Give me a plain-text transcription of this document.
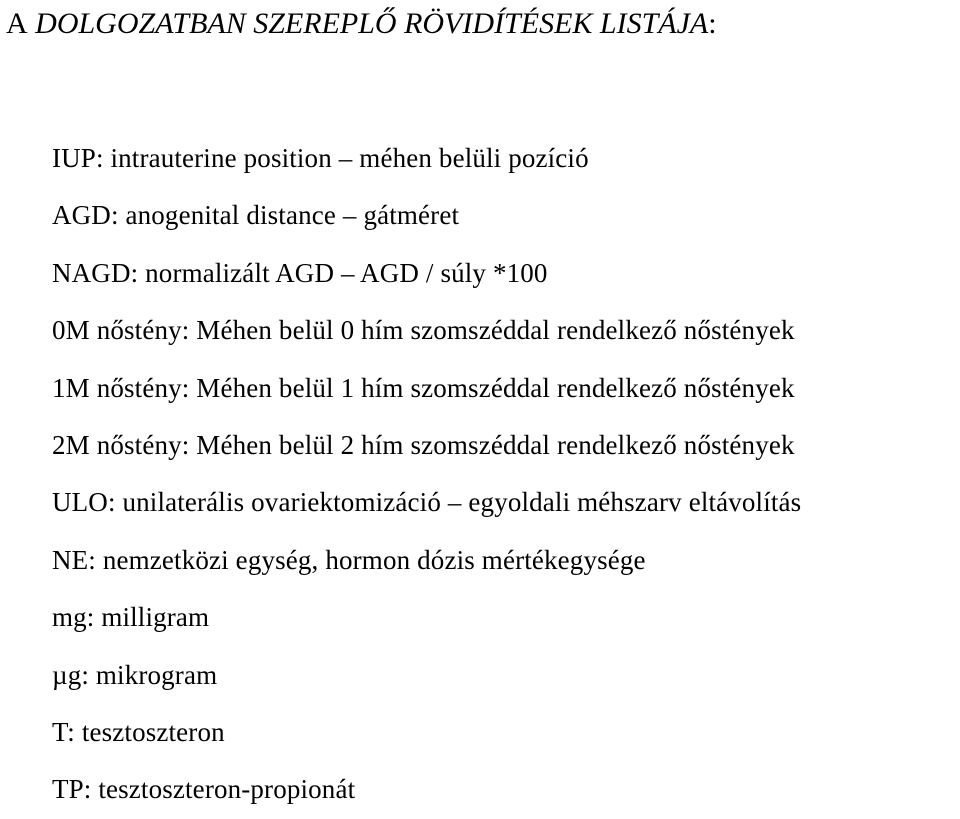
A DOLGOZATBAN SZEREPLŐ RÖVIDÍTÉSEK LISTÁJA:
IUP: intrauterine position – méhen belüli pozíció
AGD: anogenital distance – gátméret
NAGD: normalizált AGD – AGD / súly *100
0M nőstény: Méhen belül 0 hím szomszéddal rendelkező nőstények
1M nőstény: Méhen belül 1 hím szomszéddal rendelkező nőstények
2M nőstény: Méhen belül 2 hím szomszéddal rendelkező nőstények
ULO: unilaterális ovariektomizáció – egyoldali méhszarv eltávolítás
NE: nemzetközi egység, hormon dózis mértékegysége
mg: milligram
µg: mikrogram
T: tesztoszteron
TP: tesztoszteron-propionát
